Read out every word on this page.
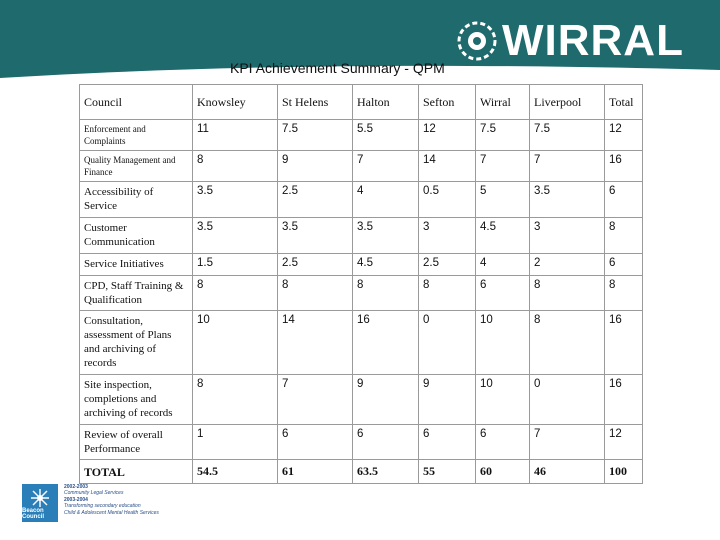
KPI Achievement Summary - QPM
WIRRAL
Council	Knowsley	St Helens	Halton	Sefton	Wirral	Liverpool	Total
Enforcement and Complaints	11	7.5	5.5	12	7.5	7.5	12
Quality Management and Finance	8	9	7	14	7	7	16
Accessibility of Service	3.5	2.5	4	0.5	5	3.5	6
Customer Communication	3.5	3.5	3.5	3	4.5	3	8
Service Initiatives	1.5	2.5	4.5	2.5	4	2	6
CPD, Staff Training & Qualification	8	8	8	8	6	8	8
Consultation, assessment of Plans and archiving of records	10	14	16	0	10	8	16
Site inspection, completions and archiving of records	8	7	9	9	10	0	16
Review of overall Performance	1	6	6	6	6	7	12
TOTAL	54.5	61	63.5	55	60	46	100
Beacon Council
2002-2003
Community Legal Services
2003-2004
Transforming secondary education
Child & Adolescent Mental Health Services
